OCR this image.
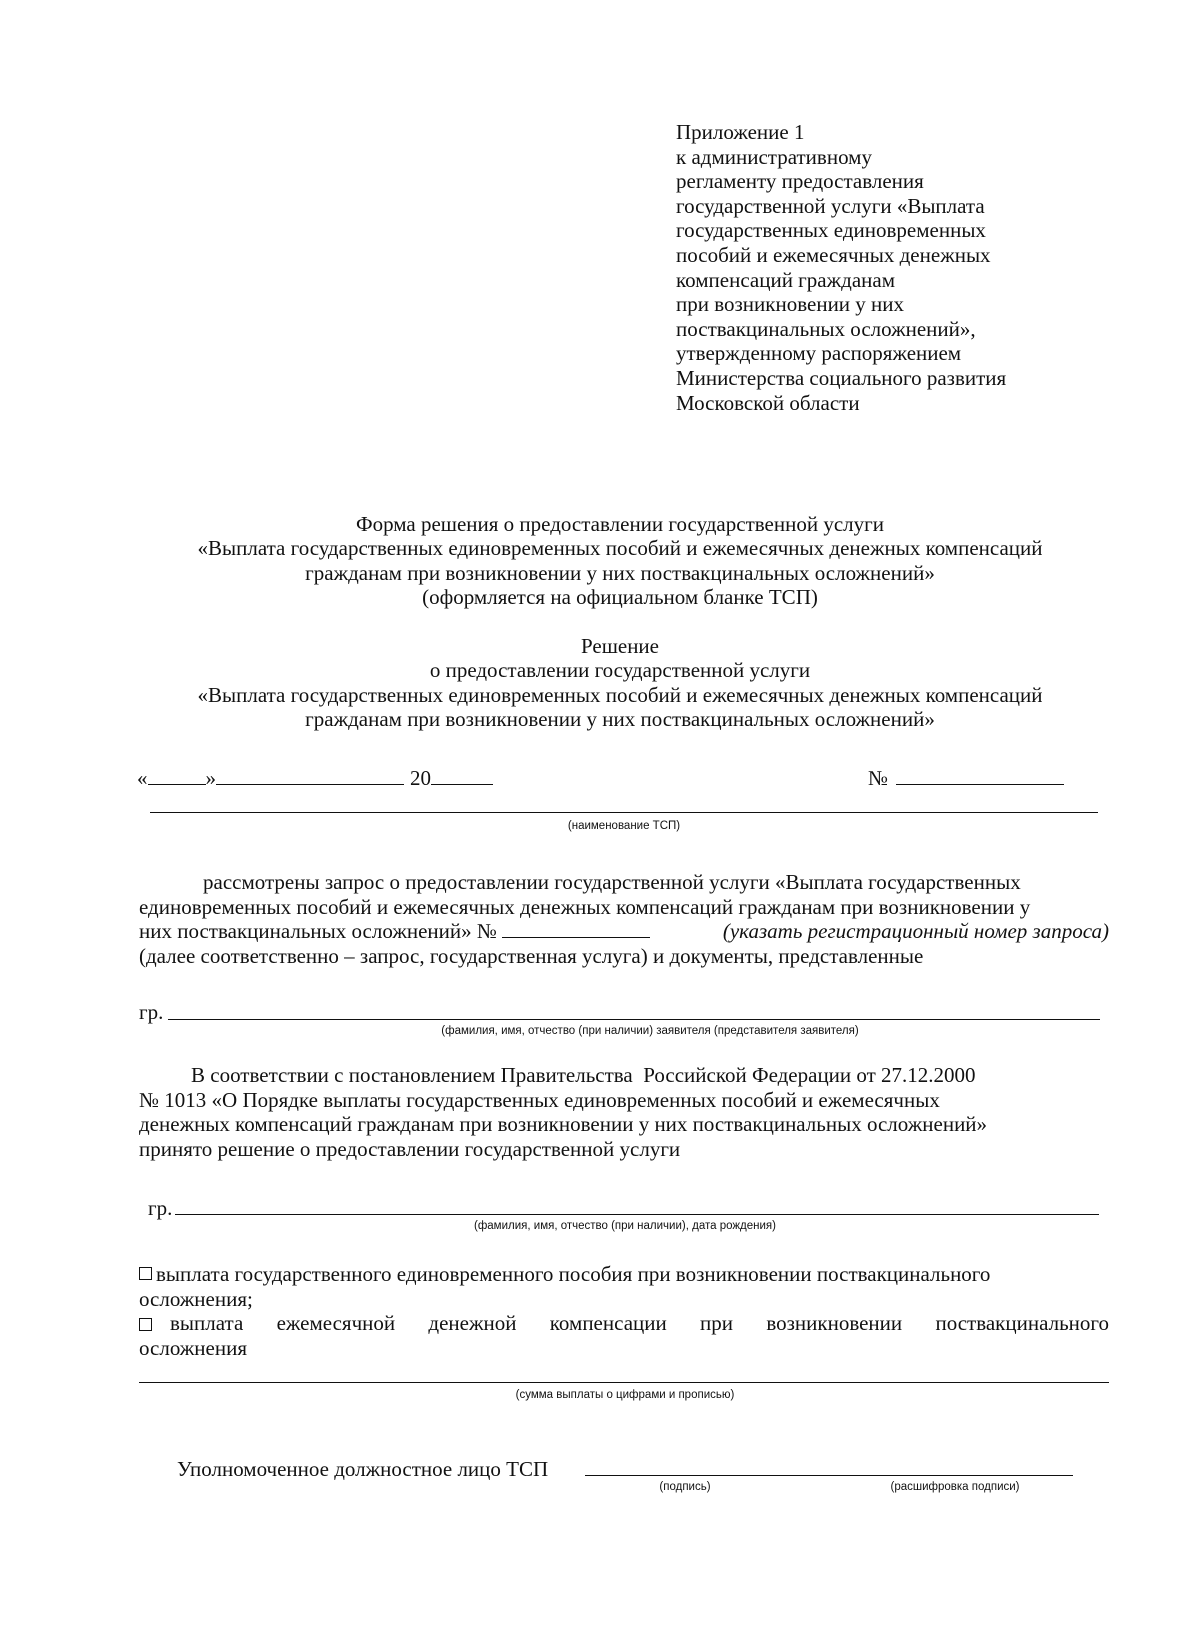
Приложение 1
к административному
регламенту предоставления
государственной услуги «Выплата
государственных единовременных
пособий и ежемесячных денежных
компенсаций гражданам
при возникновении у них
поствакцинальных осложнений»,
утвержденному распоряжением
Министерства социального развития
Московской области
Форма решения о предоставлении государственной услуги
«Выплата государственных единовременных пособий и ежемесячных денежных компенсаций
гражданам при возникновении у них поствакцинальных осложнений»
(оформляется на официальном бланке ТСП)
Решение
о предоставлении государственной услуги
«Выплата государственных единовременных пособий и ежемесячных денежных компенсаций
гражданам при возникновении у них поствакцинальных осложнений»
«	»	20	№
(наименование ТСП)
рассмотрены запрос о предоставлении государственной услуги «Выплата государственных
единовременных пособий и ежемесячных денежных компенсаций гражданам при возникновении у
них поствакцинальных осложнений» №	(указать регистрационный номер запроса)
(далее соответственно – запрос, государственная услуга) и документы, представленные
гр.
(фамилия, имя, отчество (при наличии) заявителя (представителя заявителя)
В соответствии с постановлением Правительства  Российской Федерации от 27.12.2000
№ 1013 «О Порядке выплаты государственных единовременных пособий и ежемесячных
денежных компенсаций гражданам при возникновении у них поствакцинальных осложнений»
принято решение о предоставлении государственной услуги
гр.
(фамилия, имя, отчество (при наличии), дата рождения)
выплата государственного единовременного пособия при возникновении поствакцинального
осложнения;
выплата ежемесячной денежной компенсации при возникновении поствакцинального
осложнения
(сумма выплаты о цифрами и прописью)
Уполномоченное должностное лицо ТСП
(подпись)	(расшифровка подписи)
